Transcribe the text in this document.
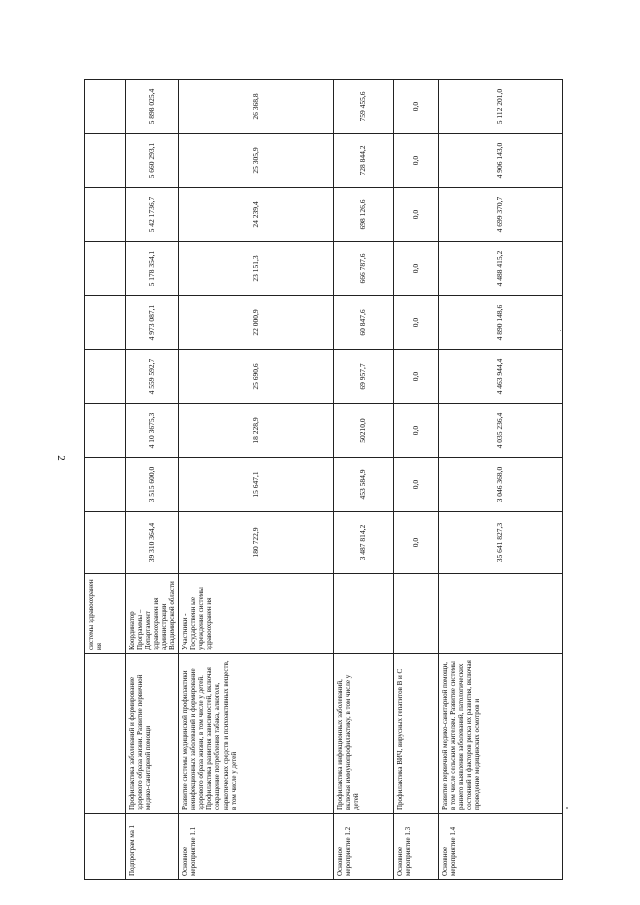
2
		системы здравоохранен ия									
Подпрограм ма 1	Профилактика заболеваний и формирование здорового образа жизни. Развитие первичной медико-санитарной помощи	Координатор Программы – Департамент здравоохранен ия администрации Владимирской области	39 310 364,4	3 515 600,0	4 10 3675,3	4 559 592,7	4 973 087,1	5 178 354,1	5 42 1736,7	5 660 293,1	5 898 025,4
Основное мероприятие 1.1	Развитие системы медицинской профилактики неинфекционных заболеваний и формирование здорового образа жизни, в том числе у детей. Профилактика развития зависимостей, включая сокращение потребления табака, алкоголя, наркотических средств и психоактивных веществ, в том числе у детей	Участники - Государственн ые учреждения системы здравоохранен ия	180 722,9	15 647,1	18 228,9	25 690,6	22 000,9	23 151,3	24 239,4	25 305,9	26 368,8
Основное мероприятие 1.2	Профилактика инфекционных заболеваний, включая иммунопрофилактику, в том числе у детей		3 487 814,2	453 584,9	50210,0	69 957,7	60 847,6	666 787,6	698 126,6	728 844,2	759 455,6
Основное мероприятие 1.3	Профилактика ВИЧ, вирусных гепатитов В и С		0,0	0,0	0,0	0,0	0,0	0,0	0,0	0,0	0,0
Основное мероприятие 1.4	Развитие первичной медико-санитарной помощи, в том числе сельским жителям. Развитие системы раннего выявления заболеваний, патологических состояний и факторов риска их развития, включая проведение медицинских осмотров и		35 641 827,3	3 046 368,0	4 035 236,4	4 463 944,4	4 890 148,6	4 488 415,2	4 699 370,7	4 906 143,0	5 112 201,0
